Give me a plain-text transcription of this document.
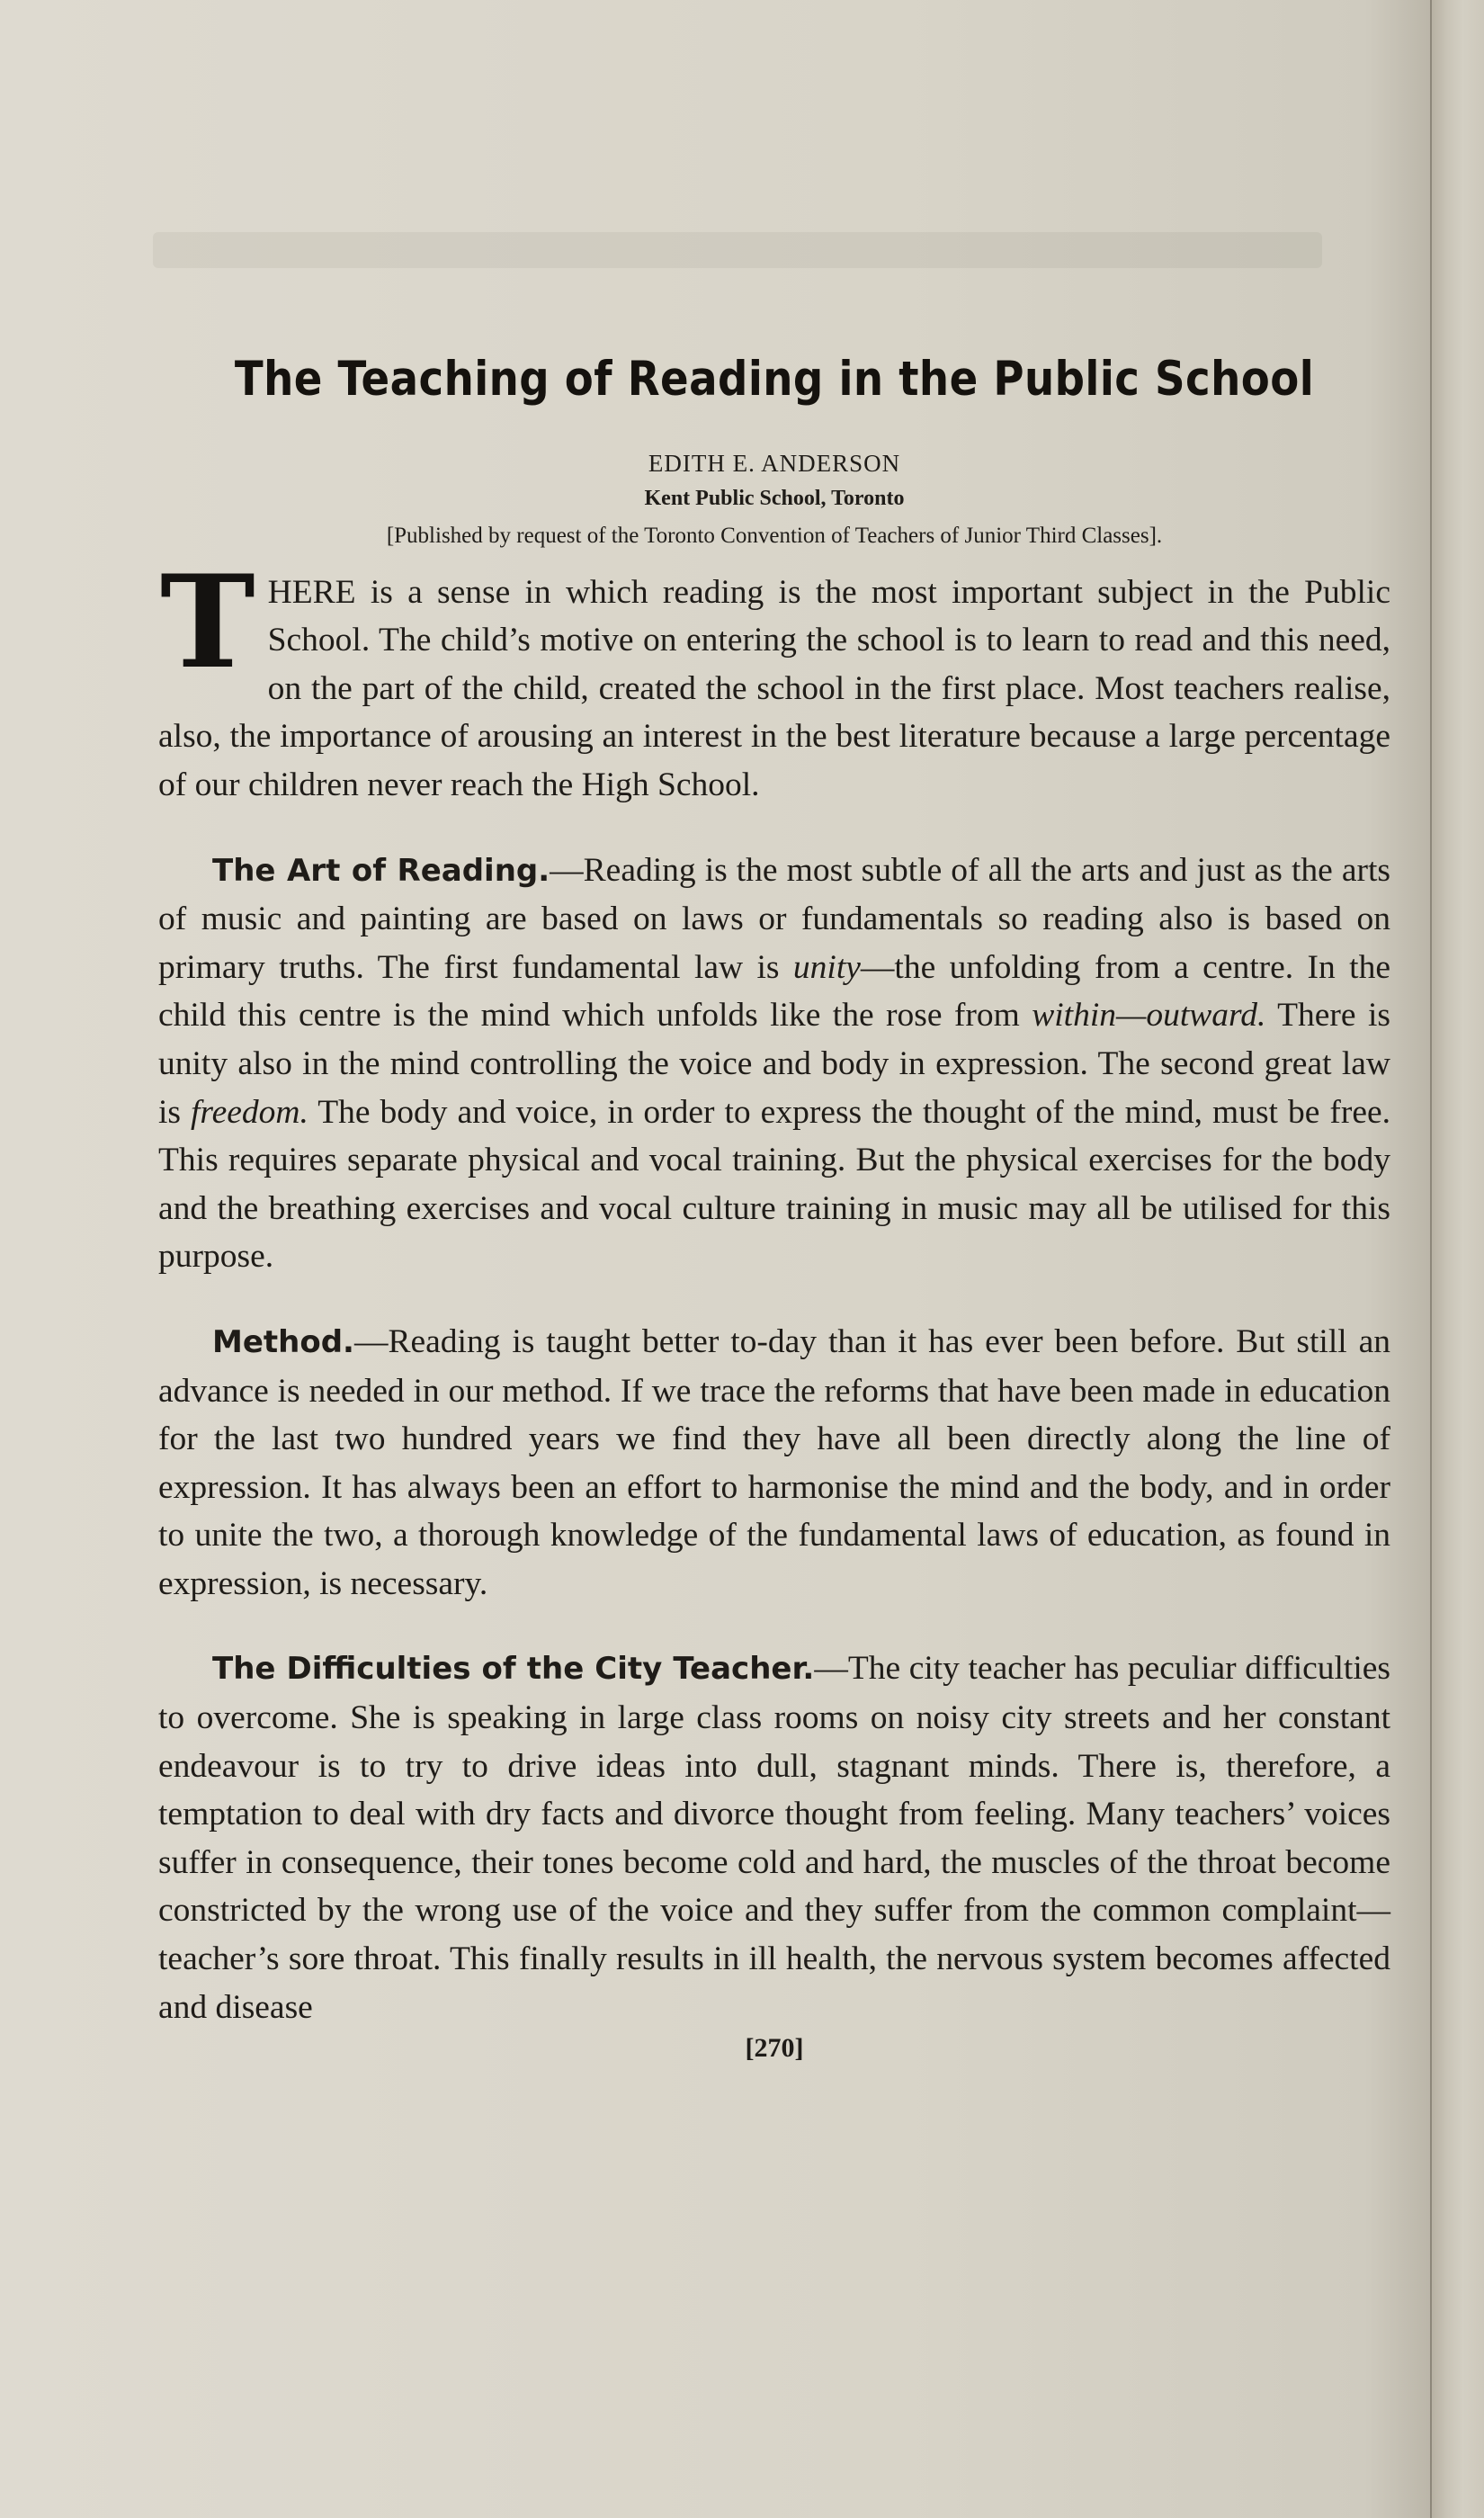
The Teaching of Reading in the Public School
EDITH E. ANDERSON
Kent Public School, Toronto
[Published by request of the Toronto Convention of Teachers of Junior Third Classes].

THERE is a sense in which reading is the most important subject in the Public School. The child’s motive on entering the school is to learn to read and this need, on the part of the child, created the school in the first place. Most teachers realise, also, the importance of arousing an interest in the best literature because a large percentage of our children never reach the High School.

The Art of Reading.—Reading is the most subtle of all the arts and just as the arts of music and painting are based on laws or fundamentals so reading also is based on primary truths. The first fundamental law is unity—the unfolding from a centre. In the child this centre is the mind which unfolds like the rose from within—outward. There is unity also in the mind controlling the voice and body in expression. The second great law is freedom. The body and voice, in order to express the thought of the mind, must be free. This requires separate physical and vocal training. But the physical exercises for the body and the breathing exercises and vocal culture training in music may all be utilised for this purpose.

Method.—Reading is taught better to-day than it has ever been before. But still an advance is needed in our method. If we trace the reforms that have been made in education for the last two hundred years we find they have all been directly along the line of expression. It has always been an effort to harmonise the mind and the body, and in order to unite the two, a thorough knowledge of the fundamental laws of education, as found in expression, is necessary.

The Difficulties of the City Teacher.—The city teacher has peculiar difficulties to overcome. She is speaking in large class rooms on noisy city streets and her constant endeavour is to try to drive ideas into dull, stagnant minds. There is, therefore, a temptation to deal with dry facts and divorce thought from feeling. Many teachers’ voices suffer in consequence, their tones become cold and hard, the muscles of the throat become constricted by the wrong use of the voice and they suffer from the common complaint—teacher’s sore throat. This finally results in ill health, the nervous system becomes affected and disease

[270]
